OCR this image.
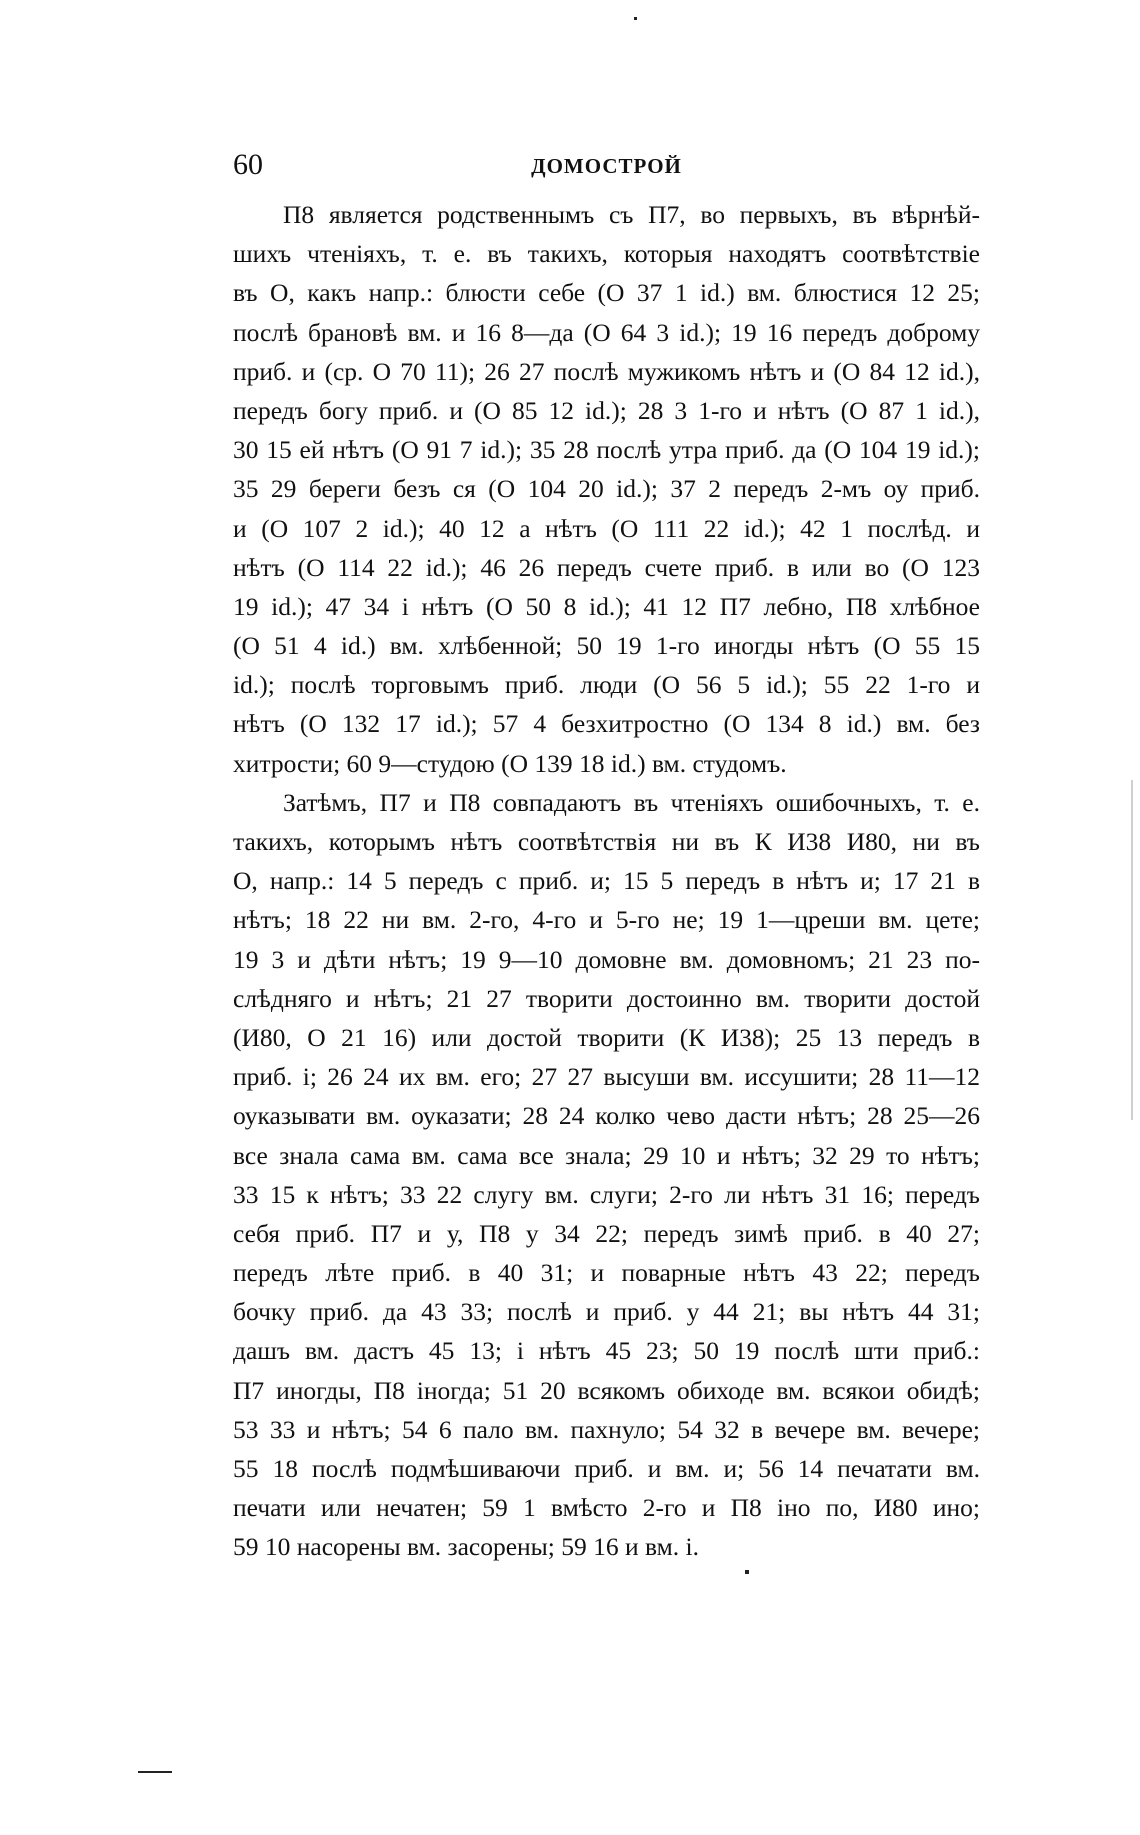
60	ДОМОСТРОЙ
П8 является родственнымъ съ П7, во первыхъ, въ вѣрнѣй-
шихъ чтеніяхъ, т. е. въ такихъ, которыя находятъ соотвѣтствіе
въ О, какъ напр.: блюсти себе (О 37 1 id.) вм. блюстися 12 25;
послѣ брановѣ вм. и 16 8—да (О 64 3 id.); 19 16 передъ доброму
приб. и (ср. О 70 11); 26 27 послѣ мужикомъ нѣтъ и (О 84 12 id.),
передъ богу приб. и (О 85 12 id.); 28 3 1-го и нѣтъ (О 87 1 id.),
30 15 ей нѣтъ (О 91 7 id.); 35 28 послѣ утра приб. да (О 104 19 id.);
35 29 береги безъ ся (О 104 20 id.); 37 2 передъ 2-мъ оу приб.
и (О 107 2 id.); 40 12 а нѣтъ (О 111 22 id.); 42 1 послѣд. и
нѣтъ (О 114 22 id.); 46 26 передъ счете приб. в или во (О 123
19 id.); 47 34 і нѣтъ (О 50 8 id.); 41 12 П7 лебно, П8 хлѣбное
(О 51 4 id.) вм. хлѣбенной; 50 19 1-го иногды нѣтъ (О 55 15
id.); послѣ торговымъ приб. люди (О 56 5 id.); 55 22 1-го и
нѣтъ (О 132 17 id.); 57 4 безхитростно (О 134 8 id.) вм. без
хитрости; 60 9—студою (О 139 18 id.) вм. студомъ.
Затѣмъ, П7 и П8 совпадаютъ въ чтеніяхъ ошибочныхъ, т. е.
такихъ, которымъ нѣтъ соотвѣтствія ни въ К И38 И80, ни въ
О, напр.: 14 5 передъ с приб. и; 15 5 передъ в нѣтъ и; 17 21 в
нѣтъ; 18 22 ни вм. 2-го, 4-го и 5-го не; 19 1—цреши вм. цете;
19 3 и дѣти нѣтъ; 19 9—10 домовне вм. домовномъ; 21 23 по-
слѣдняго и нѣтъ; 21 27 творити достоинно вм. творити достой
(И80, О 21 16) или достой творити (К И38); 25 13 передъ в
приб. і; 26 24 их вм. его; 27 27 высуши вм. иссушити; 28 11—12
оуказывати вм. оуказати; 28 24 колко чево дасти нѣтъ; 28 25—26
все знала сама вм. сама все знала; 29 10 и нѣтъ; 32 29 то нѣтъ;
33 15 к нѣтъ; 33 22 слугу вм. слуги; 2-го ли нѣтъ 31 16; передъ
себя приб. П7 и у, П8 у 34 22; передъ зимѣ приб. в 40 27;
передъ лѣте приб. в 40 31; и поварные нѣтъ 43 22; передъ
бочку приб. да 43 33; послѣ и приб. у 44 21; вы нѣтъ 44 31;
дашъ вм. дастъ 45 13; і нѣтъ 45 23; 50 19 послѣ шти приб.:
П7 иногды, П8 іногда; 51 20 всякомъ обиходе вм. всякои обидѣ;
53 33 и нѣтъ; 54 6 пало вм. пахнуло; 54 32 в вечере вм. вечере;
55 18 послѣ подмѣшиваючи приб. и вм. и; 56 14 печатати вм.
печати или нечатен; 59 1 вмѣсто 2-го и П8 іно по, И80 ино;
59 10 насорены вм. засорены; 59 16 и вм. і.
